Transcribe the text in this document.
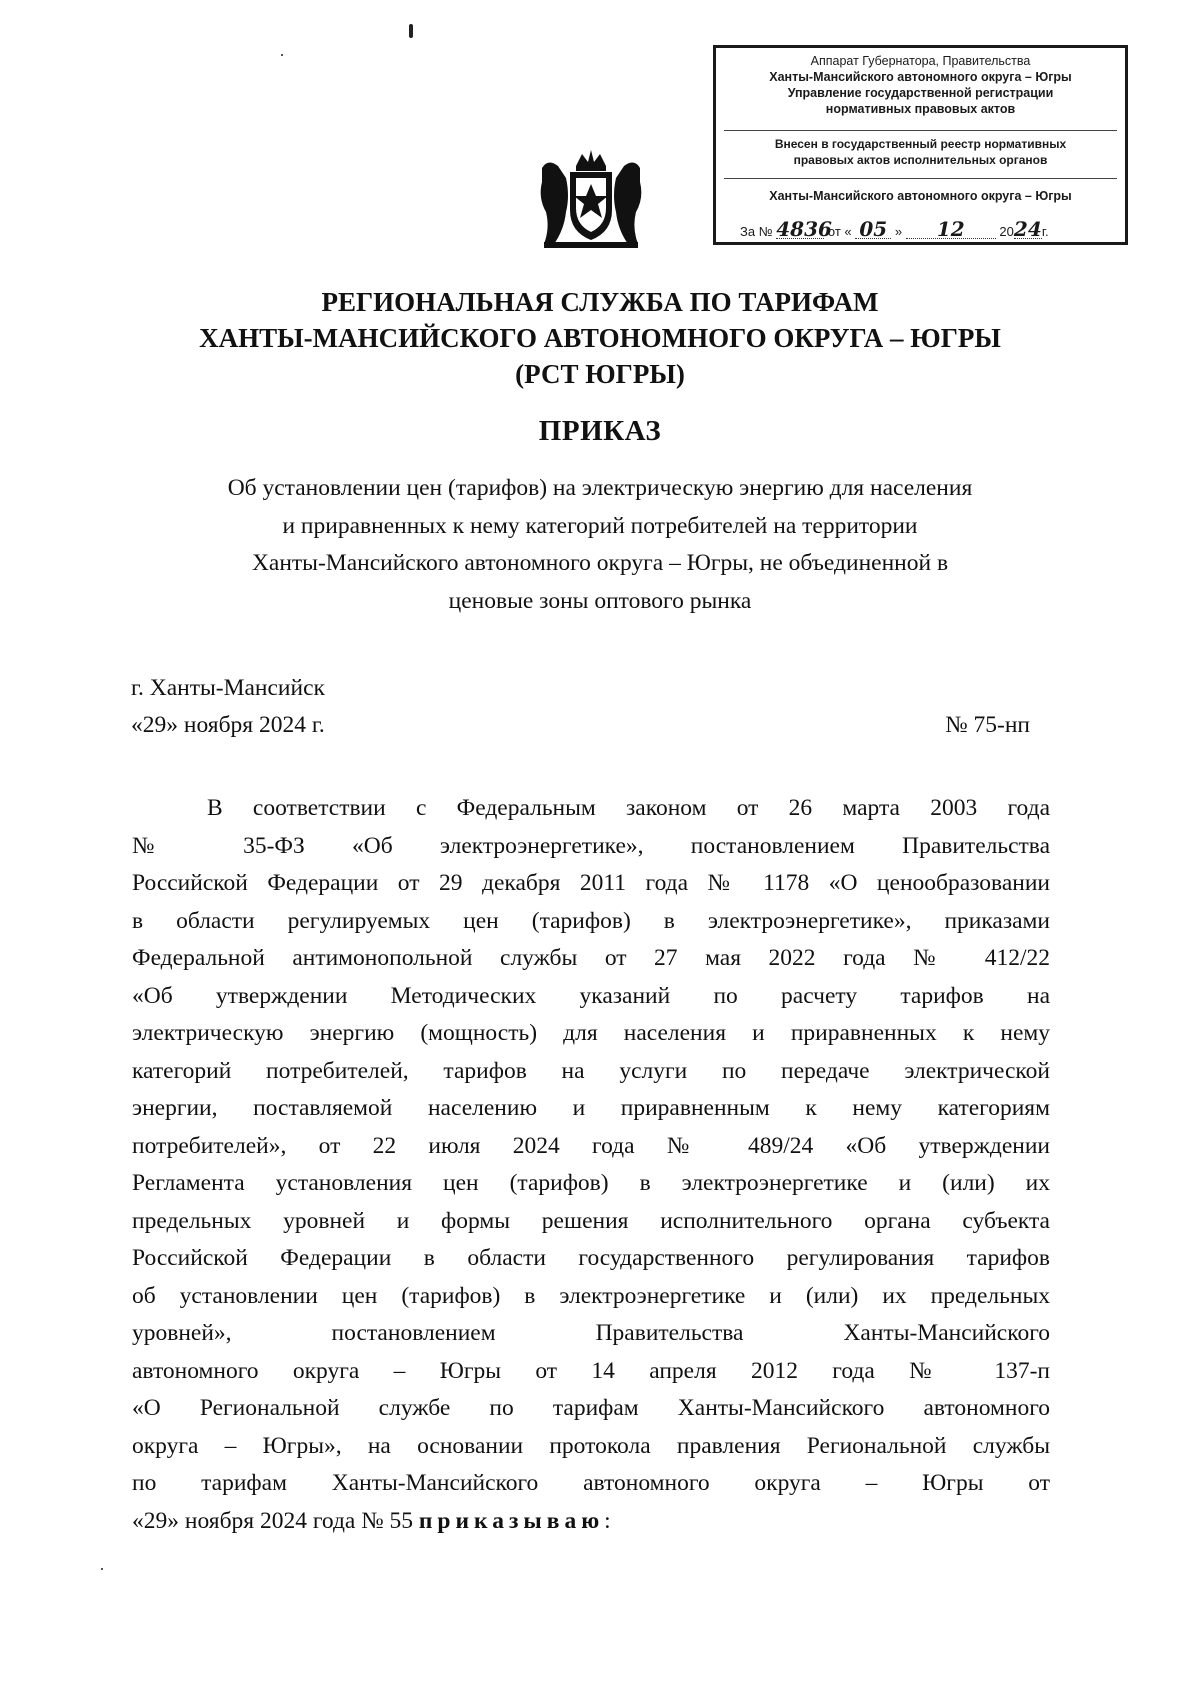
Аппарат Губернатора, Правительства
Ханты-Мансийского автономного округа – Югры
Управление государственной регистрации
нормативных правовых актов
Внесен в государственный реестр нормативных
правовых актов исполнительных органов
Ханты-Мансийского автономного округа – Югры
За № 4836 от « 05 » 12	2024г.
РЕГИОНАЛЬНАЯ СЛУЖБА ПО ТАРИФАМ
ХАНТЫ-МАНСИЙСКОГО АВТОНОМНОГО ОКРУГА – ЮГРЫ
(РСТ ЮГРЫ)
ПРИКАЗ
Об установлении цен (тарифов) на электрическую энергию для населения
и приравненных к нему категорий потребителей на территории
Ханты-Мансийского автономного округа – Югры, не объединенной в
ценовые зоны оптового рынка
г. Ханты-Мансийск
«29» ноября 2024 г.	№ 75-нп
В соответствии с Федеральным законом от 26 марта 2003 года
№ 35-ФЗ «Об электроэнергетике», постановлением Правительства
Российской Федерации от 29 декабря 2011 года № 1178 «О ценообразовании
в области регулируемых цен (тарифов) в электроэнергетике», приказами
Федеральной антимонопольной службы от 27 мая 2022 года № 412/22
«Об утверждении Методических указаний по расчету тарифов на
электрическую энергию (мощность) для населения и приравненных к нему
категорий потребителей, тарифов на услуги по передаче электрической
энергии, поставляемой населению и приравненным к нему категориям
потребителей», от 22 июля 2024 года № 489/24 «Об утверждении
Регламента установления цен (тарифов) в электроэнергетике и (или) их
предельных уровней и формы решения исполнительного органа субъекта
Российской Федерации в области государственного регулирования тарифов
об установлении цен (тарифов) в электроэнергетике и (или) их предельных
уровней», постановлением Правительства Ханты-Мансийского
автономного округа – Югры от 14 апреля 2012 года № 137-п
«О Региональной службе по тарифам Ханты-Мансийского автономного
округа – Югры», на основании протокола правления Региональной службы
по тарифам Ханты-Мансийского автономного округа – Югры от
«29» ноября 2024 года № 55 приказываю:
